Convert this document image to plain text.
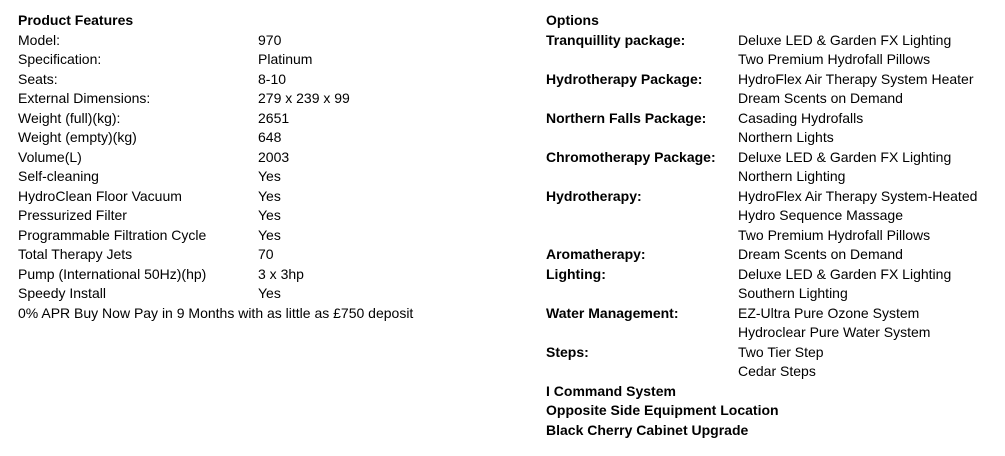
Product Features
Model:	970
Specification:	Platinum
Seats:	8-10
External Dimensions:	279 x 239 x 99
Weight (full)(kg):	2651
Weight (empty)(kg)	648
Volume(L)	2003
Self-cleaning	Yes
HydroClean Floor Vacuum	Yes
Pressurized Filter	Yes
Programmable Filtration Cycle	Yes
Total Therapy Jets	70
Pump (International 50Hz)(hp)	3 x 3hp
Speedy Install	Yes
0% APR Buy Now Pay in 9 Months with as little as £750 deposit
Options
Tranquillity package:	Deluxe LED & Garden FX Lighting
Two Premium Hydrofall Pillows
Hydrotherapy Package:	HydroFlex Air Therapy System Heater
Dream Scents on Demand
Northern Falls Package: Casading Hydrofalls
Northern Lights
Chromotherapy Package: Deluxe LED & Garden FX Lighting
Northern Lighting
Hydrotherapy:	HydroFlex Air Therapy System-Heated
Hydro Sequence Massage
Two Premium Hydrofall Pillows
Aromatherapy:	Dream Scents on Demand
Lighting:	Deluxe LED & Garden FX Lighting
Southern Lighting
Water Management:	EZ-Ultra Pure Ozone System
Hydroclear Pure Water System
Steps:	Two Tier Step
Cedar Steps
I Command System
Opposite Side Equipment Location
Black Cherry Cabinet Upgrade
